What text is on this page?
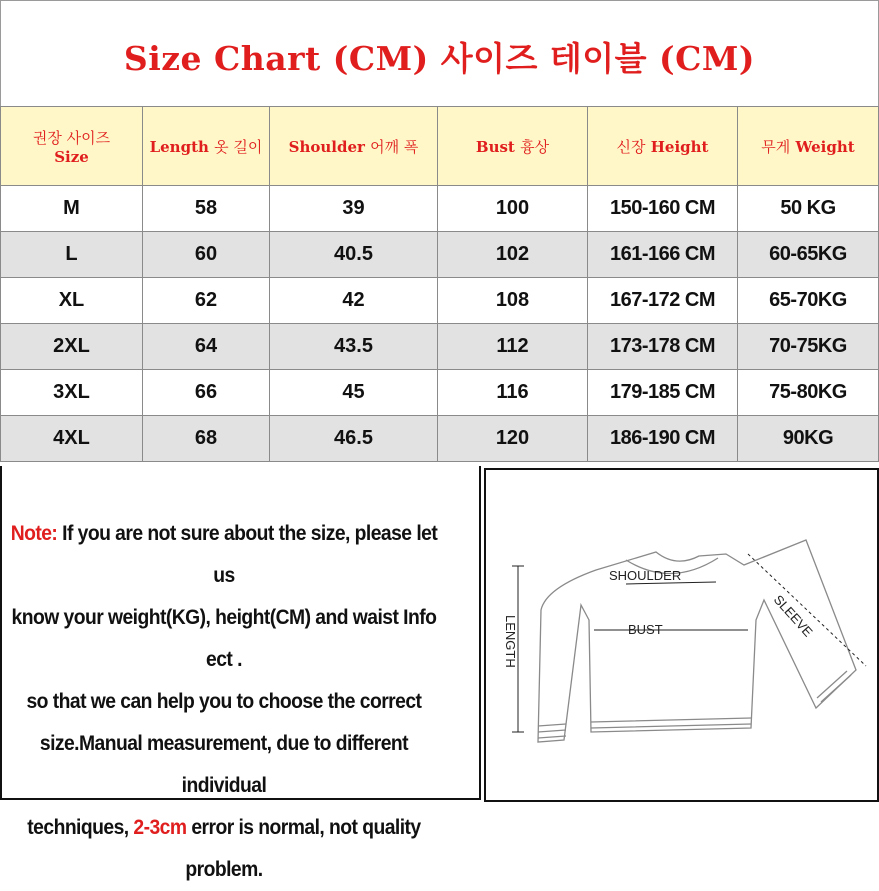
Size Chart (CM) 사이즈 테이블 (CM)
권장 사이즈
Size	Length 옷 길이	Shoulder 어깨 폭	Bust 흉상	신장 Height	무게 Weight
M	58	39	100	150-160 CM	50 KG
L	60	40.5	102	161-166 CM	60-65KG
XL	62	42	108	167-172 CM	65-70KG
2XL	64	43.5	112	173-178 CM	70-75KG
3XL	66	45	116	179-185 CM	75-80KG
4XL	68	46.5	120	186-190 CM	90KG
Note: If you are not sure about the size, please let us
know your weight(KG), height(CM) and waist Info ect .
so that we can help you to choose the correct
size.Manual measurement, due to different individual
techniques, 2-3cm error is normal, not quality problem.
SHOULDER
BUST
LENGTH	SLEEVE
